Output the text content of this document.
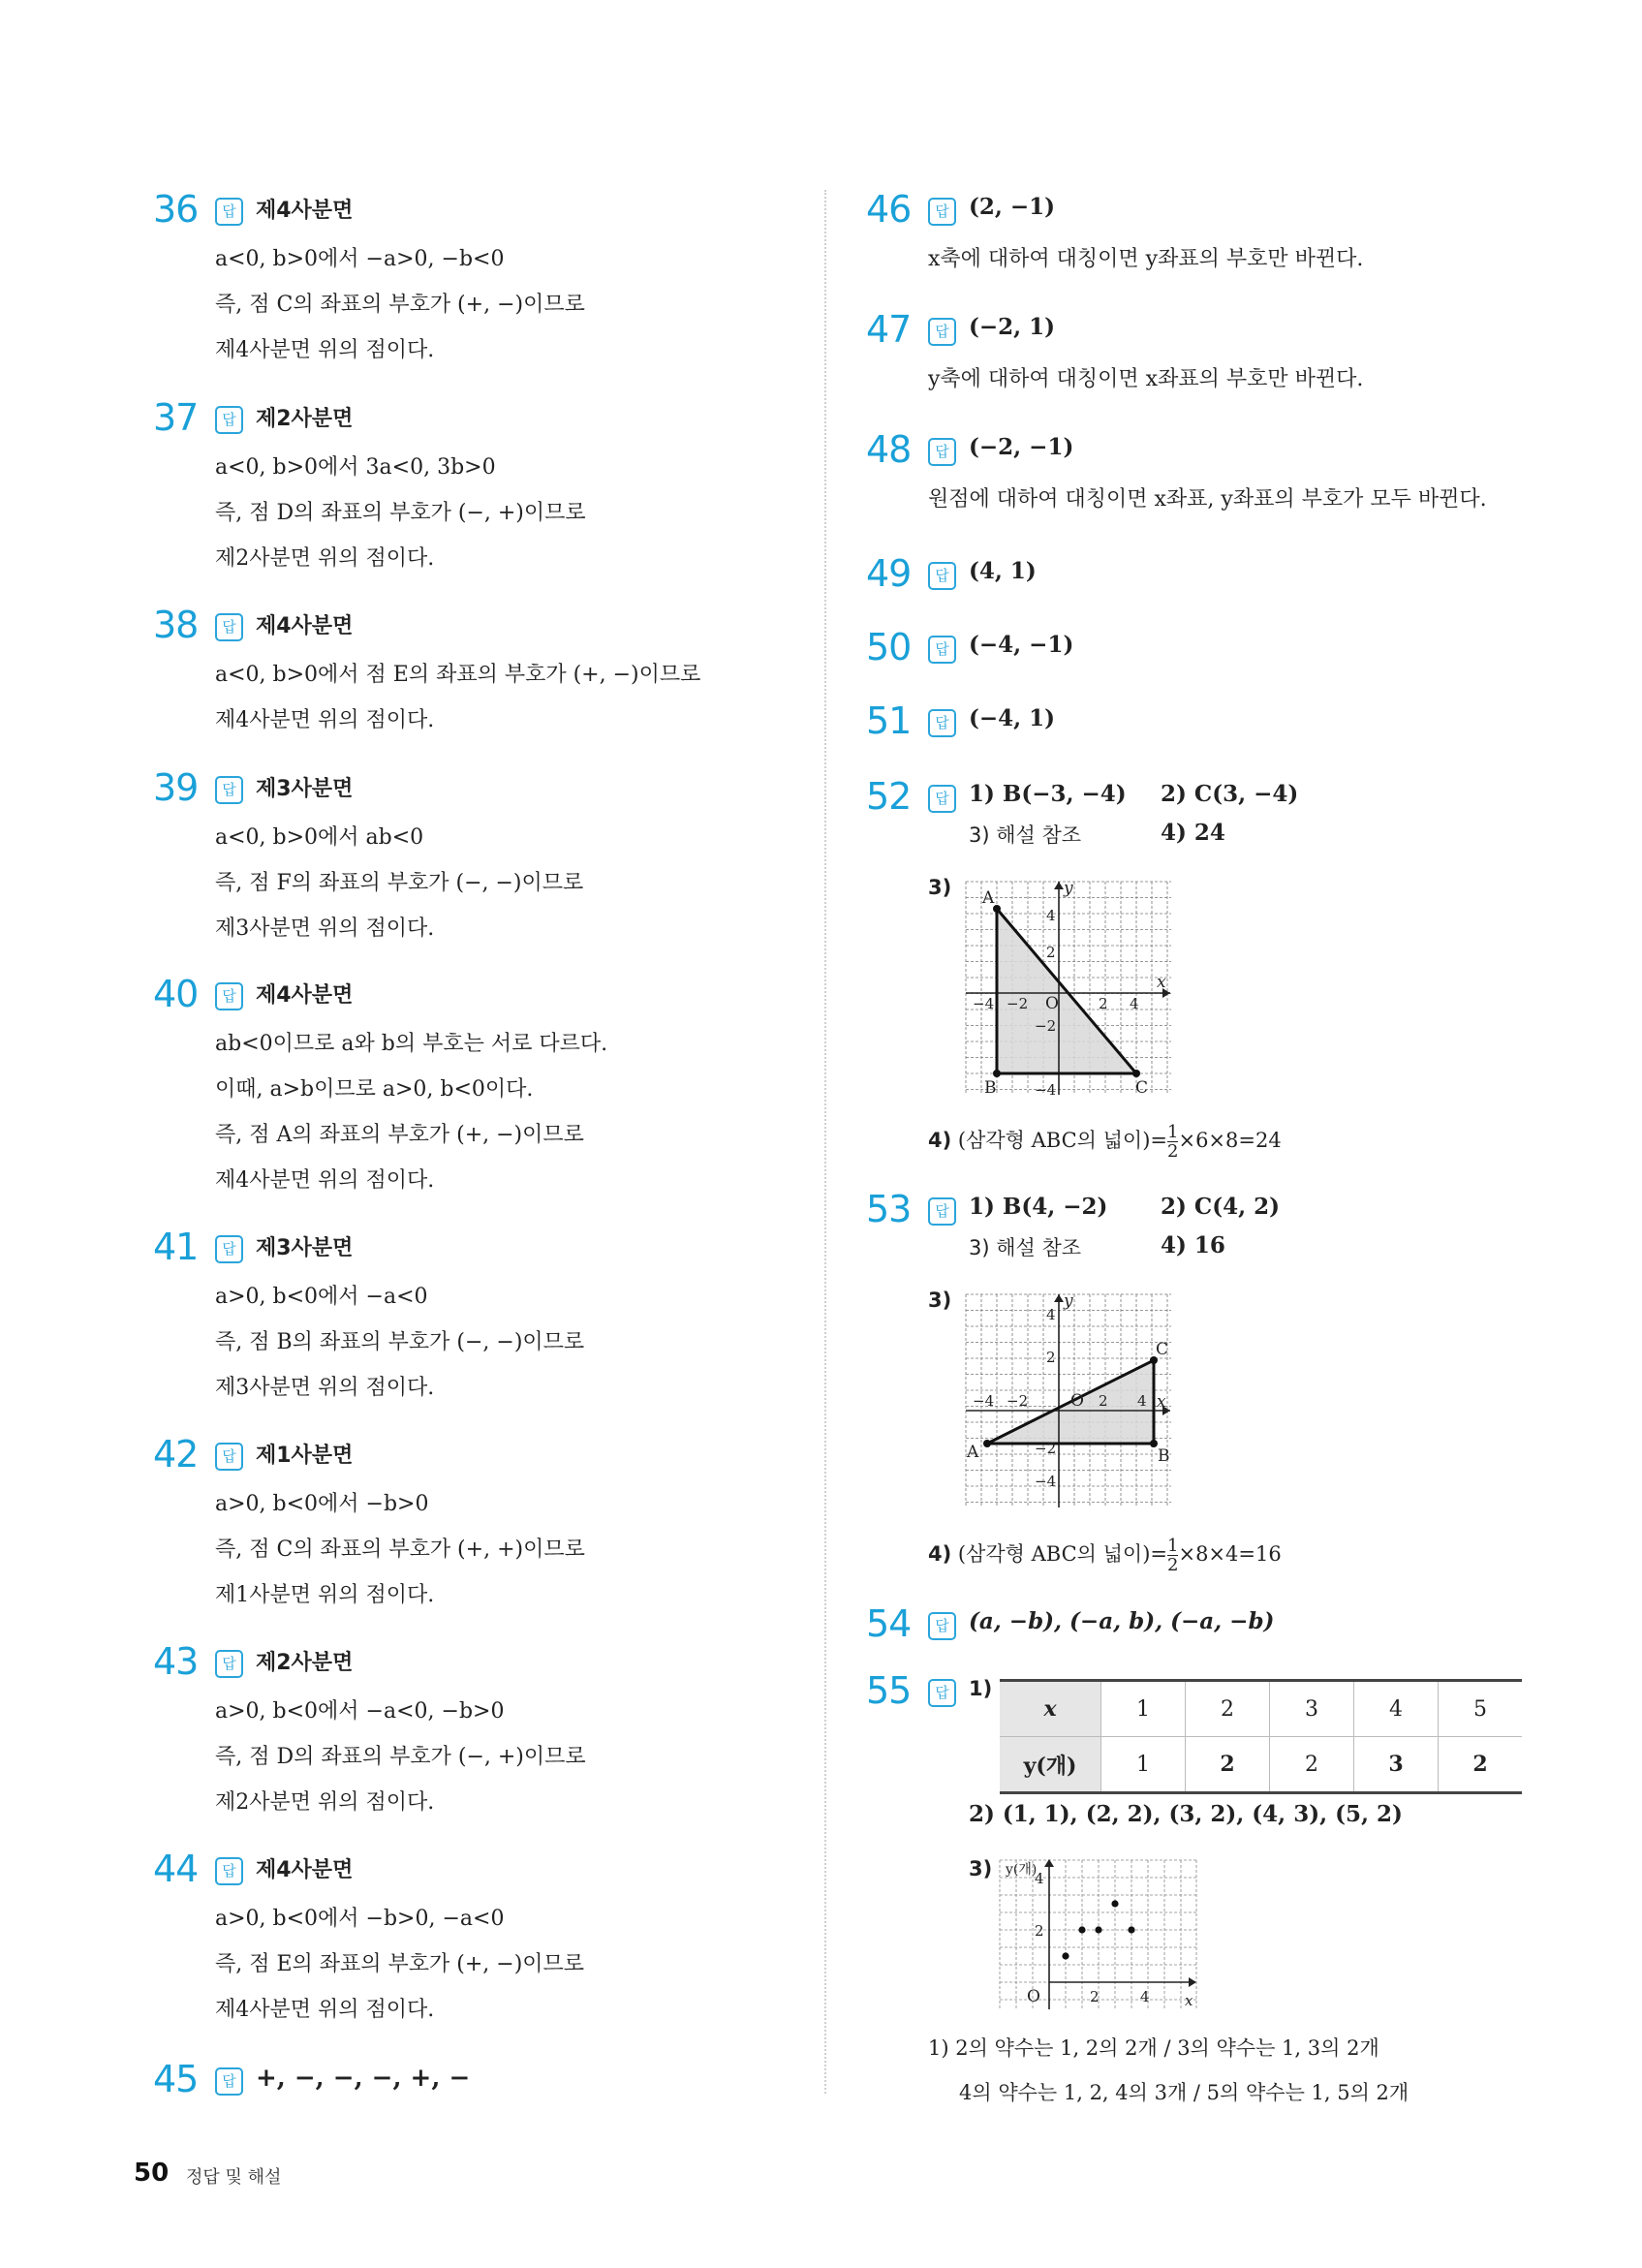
36	답 제4사분면
a<0, b>0에서 −a>0, −b<0
즉, 점 C의 좌표의 부호가 (+, −)이므로
제4사분면 위의 점이다.
37	답 제2사분면
a<0, b>0에서 3a<0, 3b>0
즉, 점 D의 좌표의 부호가 (−, +)이므로
제2사분면 위의 점이다.
38	답 제4사분면
a<0, b>0에서 점 E의 좌표의 부호가 (+, −)이므로
제4사분면 위의 점이다.
39	답 제3사분면
a<0, b>0에서 ab<0
즉, 점 F의 좌표의 부호가 (−, −)이므로
제3사분면 위의 점이다.
40	답 제4사분면
ab<0이므로 a와 b의 부호는 서로 다르다.
이때, a>b이므로 a>0, b<0이다.
즉, 점 A의 좌표의 부호가 (+, −)이므로
제4사분면 위의 점이다.
41	답 제3사분면
a>0, b<0에서 −a<0
즉, 점 B의 좌표의 부호가 (−, −)이므로
제3사분면 위의 점이다.
42	답 제1사분면
a>0, b<0에서 −b>0
즉, 점 C의 좌표의 부호가 (+, +)이므로
제1사분면 위의 점이다.
43	답 제2사분면
a>0, b<0에서 −a<0, −b>0
즉, 점 D의 좌표의 부호가 (−, +)이므로
제2사분면 위의 점이다.
44	답 제4사분면
a>0, b<0에서 −b>0, −a<0
즉, 점 E의 좌표의 부호가 (+, −)이므로
제4사분면 위의 점이다.
45	답 +, −, −, −, +, −
46	답 (2, −1)
x축에 대하여 대칭이면 y좌표의 부호만 바뀐다.
47	답 (−2, 1)
y축에 대하여 대칭이면 x좌표의 부호만 바뀐다.
48	답 (−2, −1)
원점에 대하여 대칭이면 x좌표, y좌표의 부호가 모두 바뀐다.
49	답 (4, 1)
50	답 (−4, −1)
51	답 (−4, 1)
52	답 1) B(−3, −4) 2) C(3, −4)
3) 해설 참조	4) 24
3)
4) (삼각형 ABC의 넓이)= $\frac{1}{2} \times 6\times 8=24$
A
B	C
O
x
y
−4 −2	2 4
4
2
−2
−4
53	답 1) B(4, −2) 2) C(4, 2)
3) 해설 참조	4) 16
3)
4) (삼각형 ABC의 넓이)= $\frac{1}{2} \times 8\times 4=16$
A	B
C
O	x
y
−4 −2	2 4
4
2
−2
−4
54	답 (a, −b), (−a, b), (−a, −b)
55	답 1)
2) (1, 1), (2, 2), (3, 2), (4, 3), (5, 2)
3)
x	1	2	3	4	5
y(개)	1	2	2	3	2
y(개)
x
O	2	4
4
2
1) 2의 약수는 1, 2의 2개 / 3의 약수는 1, 3의 2개
4의 약수는 1, 2, 4의 3개 / 5의 약수는 1, 5의 2개
50 정답 및 해설
